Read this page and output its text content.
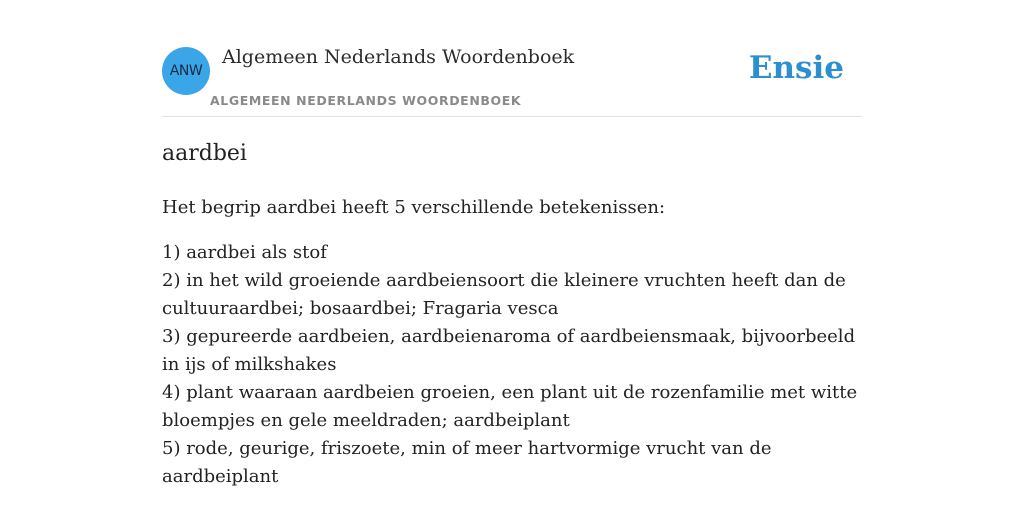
ANW
Algemeen Nederlands Woordenboek
ALGEMEEN NEDERLANDS WOORDENBOEK
Ensie
aardbei

Het begrip aardbei heeft 5 verschillende betekenissen:

1) aardbei als stof
2) in het wild groeiende aardbeiensoort die kleinere vruchten heeft dan de cultuuraardbei; bosaardbei; Fragaria vesca
3) gepureerde aardbeien, aardbeienaroma of aardbeiensmaak, bijvoorbeeld in ijs of milkshakes
4) plant waaraan aardbeien groeien, een plant uit de rozenfamilie met witte bloempjes en gele meeldraden; aardbeiplant
5) rode, geurige, friszoete, min of meer hartvormige vrucht van de aardbeiplant
